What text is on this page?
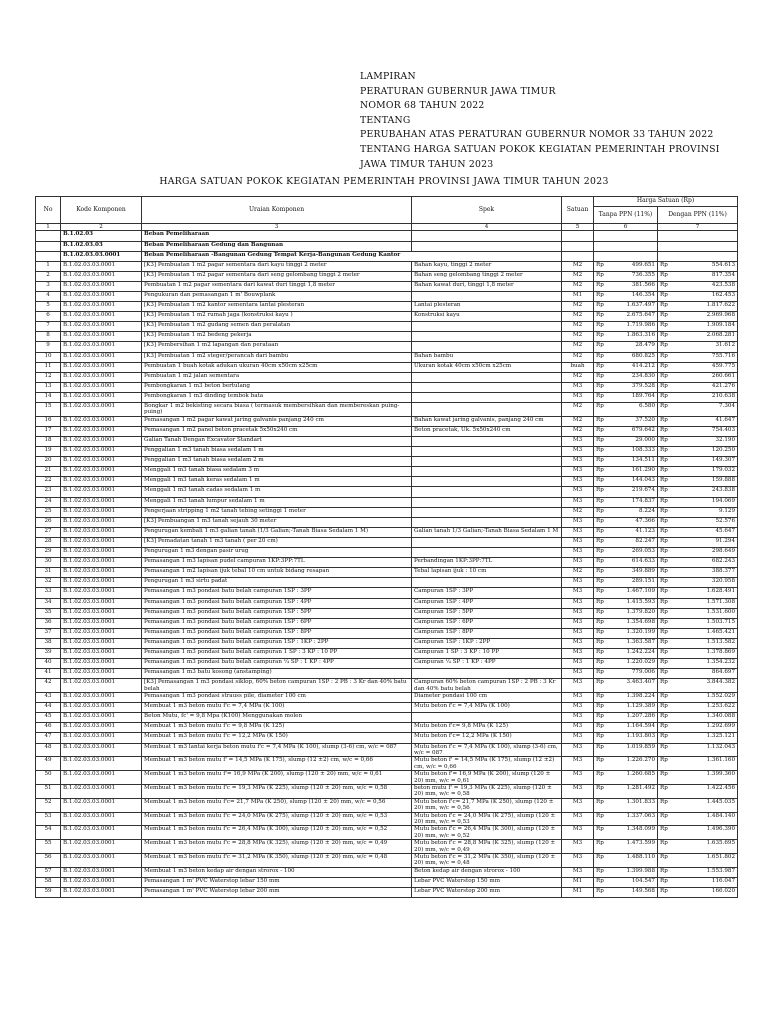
LAMPIRAN
PERATURAN GUBERNUR JAWA TIMUR
NOMOR 68 TAHUN 2022
TENTANG
PERUBAHAN ATAS PERATURAN GUBERNUR NOMOR 33 TAHUN 2022
TENTANG HARGA SATUAN POKOK KEGIATAN PEMERINTAH PROVINSI
JAWA TIMUR TAHUN 2023
HARGA SATUAN POKOK KEGIATAN PEMERINTAH PROVINSI JAWA TIMUR TAHUN 2023
No	Kode Komponen	Uraian Komponen	Spek	Satuan	Harga Satuan (Rp)			
					Tanpa PPN (11%)		Dengan PPN (11%)	
1	2	3	4	5	6		7	
	B.1.02.03	Beban Pemeliharaan						
	B.1.02.03.03	Beban Pemeliharaan Gedung dan Bangunan						
	B.1.02.03.03.0001	Beban Pemeliharaan -Bangunan Gedung Tempat Kerja-Bangunan Gedung Kantor						
1	B.1.02.03.03.0001	[K3] Pembuatan 1 m2 pagar sementara dari kayu tinggi 2 meter	Bahan kayu, tinggi 2 meter	M2	Rp	499.651	Rp	554.613
2	B.1.02.03.03.0001	[K3] Pembuatan 1 m2 pagar sementara dari seng gelombang tinggi 2 meter	Bahan seng gelombang tinggi 2 meter	M2	Rp	736.355	Rp	817.354
3	B.1.02.03.03.0001	Pembuatan 1 m2 pagar sementara dari kawat duri tinggi 1,8 meter	Bahan kawat duri, tinggi 1,8 meter	M2	Rp	381.566	Rp	423.538
4	B.1.02.03.03.0001	Pengukuran dan pemasangan 1 m' Bouwplank		M1	Rp	146.354	Rp	162.453
5	B.1.02.03.03.0001	[K3] Pembuatan 1 m2 kantor sementara lantai plesteran	Lantai plesteran	M2	Rp	1.637.497	Rp	1.817.622
6	B.1.02.03.03.0001	[K3] Pembuatan 1 m2 rumah jaga (konstruksi kayu )	Konstruksi kayu	M2	Rp	2.675.647	Rp	2.969.968
7	B.1.02.03.03.0001	[K3] Pembuatan 1 m2 gudang semen dan peralatan		M2	Rp	1.719.986	Rp	1.909.184
8	B.1.02.03.03.0001	[K3] Pembuatan 1 m2 bedeng pekerja		M2	Rp	1.863.316	Rp	2.068.281
9	B.1.02.03.03.0001	[K3] Pembersihan 1 m2 lapangan dan perataan		M2	Rp	28.479	Rp	31.612
10	B.1.02.03.03.0001	[K3] Pembuatan 1 m2 steger/perancah dari bambu	Bahan bambu	M2	Rp	680.825	Rp	755.716
11	B.1.02.03.03.0001	Pembuatan 1 buah kotak adukan ukuran 40cm x50cm x25cm	Ukuran kotak 40cm x50cm x25cm	buah	Rp	414.212	Rp	459.775
12	B.1.02.03.03.0001	Pembuatan 1 m2 jalan sementara		M2	Rp	234.830	Rp	260.661
13	B.1.02.03.03.0001	Pembongkaran 1 m3 beton bertulang		M3	Rp	379.528	Rp	421.276
14	B.1.02.03.03.0001	Pembongkaran 1 m3 dinding tembok bata		M3	Rp	189.764	Rp	210.638
15	B.1.02.03.03.0001	Bongkar 1 m2 bekisting secara biasa ( termasuk membersihkan dan membereskan puing-puing)		M2	Rp	6.580	Rp	7.304
16	B.1.02.03.03.0001	Pemasangan 1 m2 pagar kawat jaring galvanis panjang 240 cm	Bahan kawat jaring galvanis, panjang 240 cm	M2	Rp	37.520	Rp	41.647
17	B.1.02.03.03.0001	Pemasangan 1 m2 panel beton pracetak 5x50x240 cm	Beton pracetak, Uk. 5x50x240 cm	M2	Rp	679.642	Rp	754.403
18	B.1.02.03.03.0001	Galian Tanah Dengan Excavator Standart		M3	Rp	29.000	Rp	32.190
19	B.1.02.03.03.0001	Penggalian 1 m3 tanah biasa sedalam 1 m		M3	Rp	108.333	Rp	120.250
20	B.1.02.03.03.0001	Penggalian 1 m3 tanah biasa sedalam 2 m		M3	Rp	134.511	Rp	149.307
21	B.1.02.03.03.0001	Menggali 1 m3 tanah biasa sedalam 3 m		M3	Rp	161.290	Rp	179.032
22	B.1.02.03.03.0001	Menggali 1 m3 tanah keras sedalam 1 m		M3	Rp	144.043	Rp	159.888
23	B.1.02.03.03.0001	Menggali 1 m3 tanah cadas sedalam 1 m		M3	Rp	219.674	Rp	243.838
24	B.1.02.03.03.0001	Menggali 1 m3 tanah lumpur sedalam 1 m		M3	Rp	174.837	Rp	194.069
25	B.1.02.03.03.0001	Pengerjaan stripping 1 m2 tanah tebing setinggi 1 meter		M2	Rp	8.224	Rp	9.129
26	B.1.02.03.03.0001	[K3] Pembuangan 1 m3 tanah sejauh 30 meter		M3	Rp	47.366	Rp	52.576
27	B.1.02.03.03.0001	Pengurugan kembali 1 m3 galian tanah (1/3 Galian;-Tanah Biasa Sedalam 1 M)	Galian tanah 1/3 Galian;-Tanah Biasa Sedalam 1 M	M3	Rp	41.123	Rp	45.647
28	B.1.02.03.03.0001	[K3] Pemadatan tanah 1 m3 tanah ( per 20 cm)		M3	Rp	82.247	Rp	91.294
29	B.1.02.03.03.0001	Pengurugan 1 m3 dengan pasir urug		M3	Rp	269.053	Rp	298.649
30	B.1.02.03.03.0001	Pemasangan 1 m3 lapisan pudel campuran 1KP:3PP:7TL	Perbandingan 1KP:3PP:7TL	M3	Rp	614.633	Rp	682.243
31	B.1.02.03.03.0001	Pemasangan 1 m2 lapisan ijuk tebal 10 cm untuk bidang resapan	Tebal lapisan ijuk : 10 cm	M2	Rp	349.889	Rp	388.377
32	B.1.02.03.03.0001	Pengurugan 1 m3 sirtu padat		M3	Rp	289.151	Rp	320.958
33	B.1.02.03.03.0001	Pemasangan 1 m3 pondasi batu belah campuran 1SP : 3PP	Campuran 1SP : 3PP	M3	Rp	1.467.109	Rp	1.628.491
34	B.1.02.03.03.0001	Pemasangan 1 m3 pondasi batu belah campuran 1SP : 4PP	Campuran 1SP : 4PP	M3	Rp	1.415.593	Rp	1.571.308
35	B.1.02.03.03.0001	Pemasangan 1 m3 pondasi batu belah campuran 1SP : 5PP	Campuran 1SP : 5PP	M3	Rp	1.379.820	Rp	1.531.600
36	B.1.02.03.03.0001	Pemasangan 1 m3 pondasi batu belah campuran 1SP : 6PP	Campuran 1SP : 6PP	M3	Rp	1.354.698	Rp	1.503.715
37	B.1.02.03.03.0001	Pemasangan 1 m3 pondasi batu belah campuran 1SP : 8PP	Campuran 1SP : 8PP	M3	Rp	1.320.199	Rp	1.465.421
38	B.1.02.03.03.0001	Pemasangan 1 m3 pondasi batu belah campuran 1SP : 1KP : 2PP	Campuran 1SP : 1KP : 2PP	M3	Rp	1.363.587	Rp	1.513.582
39	B.1.02.03.03.0001	Pemasangan 1 m3 pondasi batu belah campuran 1 SP : 3 KP : 10 PP	Campuran 1 SP : 3 KP : 10 PP	M3	Rp	1.242.224	Rp	1.378.869
40	B.1.02.03.03.0001	Pemasangan 1 m3 pondasi batu belah campuran ¼ SP : 1 KP : 4PP	Campuran ¼ SP : 1 KP : 4PP	M3	Rp	1.220.029	Rp	1.354.232
41	B.1.02.03.03.0001	Pemasangan 1 m3 batu kosong (anstamping)		M3	Rp	779.006	Rp	864.697
42	B.1.02.03.03.0001	[K3] Pemasangan 1 m3 pondasi siklop, 60% beton campuran 1SP : 2 PB : 3 Kr dan 40% batu belah	Campuran 60% beton campuran 1SP : 2 PB : 3 Kr dan 40% batu belah	M3	Rp	3.463.407	Rp	3.844.382
43	B.1.02.03.03.0001	Pemasangan 1 m3 pondasi strauss pile, diameter 100 cm	Diameter pondasi 100 cm	M3	Rp	1.398.224	Rp	1.552.029
44	B.1.02.03.03.0001	Membuat 1 m3 beton mutu f'c = 7,4 MPa (K 100)	Mutu beton f'c = 7,4 MPa (K 100)	M3	Rp	1.129.389	Rp	1.253.622
45	B.1.02.03.03.0001	Beton Mutu, fc' = 9,8 Mpa (K100) Menggunakan molen		M3	Rp	1.207.286	Rp	1.340.088
46	B.1.02.03.03.0001	Membuat 1 m3 beton mutu f'c = 9,8 MPa (K 125)	Mutu beton f'c= 9,8 MPa (K 125)	M3	Rp	1.164.594	Rp	1.292.699
47	B.1.02.03.03.0001	Membuat 1 m3 beton mutu f'c = 12,2 MPa (K 150)	Mutu beton f'c= 12,2 MPa (K 150)	M3	Rp	1.193.803	Rp	1.325.121
48	B.1.02.03.03.0001	Membuat 1 m3 lantai kerja beton mutu f'c = 7,4 MPa (K 100), slump (3-6) cm, w/c = 087	Mutu beton f'c = 7,4 MPa (K 100), slump (3-6) cm, w/c = 087	M3	Rp	1.019.859	Rp	1.132.043
49	B.1.02.03.03.0001	Membuat 1 m3 beton mutu f' = 14,5 MPa (K 175), slump (12 ±2) cm, w/c = 0,66	Mutu beton f' = 14,5 MPa (K 175), slump (12 ±2) cm, w/c = 0,66	M3	Rp	1.226.270	Rp	1.361.160
50	B.1.02.03.03.0001	Membuat 1 m3 beton mutu f'= 16,9 MPa (K 200), slump (120 ± 20) mm, w/c = 0,61	Mutu beton f'= 16,9 MPa (K 200), slump (120 ± 20) mm, w/c = 0,61	M3	Rp	1.260.685	Rp	1.399.360
51	B.1.02.03.03.0001	Membuat 1 m3 beton mutu f'c = 19,3 MPa (K 225), slump (120 ± 20) mm, w/c = 0,58	beton mutu f' = 19,3 MPa (K 225), slump (120 ± 20) mm, w/c = 0,58	M3	Rp	1.281.492	Rp	1.422.456
52	B.1.02.03.03.0001	Membuat 1 m3 beton mutu f'c= 21,7 MPa (K 250), slump (120 ± 20) mm, w/c = 0,56	Mutu beton f'c= 21,7 MPa (K 250), slump (120 ± 20) mm, w/c = 0,56	M3	Rp	1.301.833	Rp	1.445.035
53	B.1.02.03.03.0001	Membuat 1 m3 beton mutu f'c = 24,0 MPa (K 275), slump (120 ± 20) mm, w/c = 0,53	Mutu beton f'c = 24,0 MPa (K 275), slump (120 ± 20) mm, w/c = 0,53	M3	Rp	1.337.063	Rp	1.484.140
54	B.1.02.03.03.0001	Membuat 1 m3 beton mutu f'c = 26,4 MPa (K 300), slump (120 ± 20) mm, w/c = 0,52	Mutu beton f'c = 26,4 MPa (K 300), slump (120 ± 20) mm, w/c = 0,52	M3	Rp	1.348.099	Rp	1.496.390
55	B.1.02.03.03.0001	Membuat 1 m3 beton mutu f'c = 28,8 MPa (K 325), slump (120 ± 20) mm, w/c = 0,49	Mutu beton f'c = 28,8 MPa (K 325), slump (120 ± 20) mm, w/c = 0,49	M3	Rp	1.473.599	Rp	1.635.695
56	B.1.02.03.03.0001	Membuat 1 m3 beton mutu f'c = 31,2 MPa (K 350), slump (120 ± 20) mm, w/c = 0,48	Mutu beton f'c = 31,2 MPa (K 350), slump (120 ± 20) mm, w/c = 0,48	M3	Rp	1.488.110	Rp	1.651.802
57	B.1.02.03.03.0001	Membuat 1 m3 beton kedap air dengan strorox - 100	Beton kedap air dengan strorox - 100	M3	Rp	1.399.988	Rp	1.553.987
58	B.1.02.03.03.0001	Pemasangan 1 m' PVC Waterstop lebar 150 mm	Lebar PVC Waterstop 150 mm	M1	Rp	104.547	Rp	116.047
59	B.1.02.03.03.0001	Pemasangan 1 m' PVC Waterstop lebar 200 mm	Lebar PVC Waterstop 200 mm	M1	Rp	149.568	Rp	166.020
